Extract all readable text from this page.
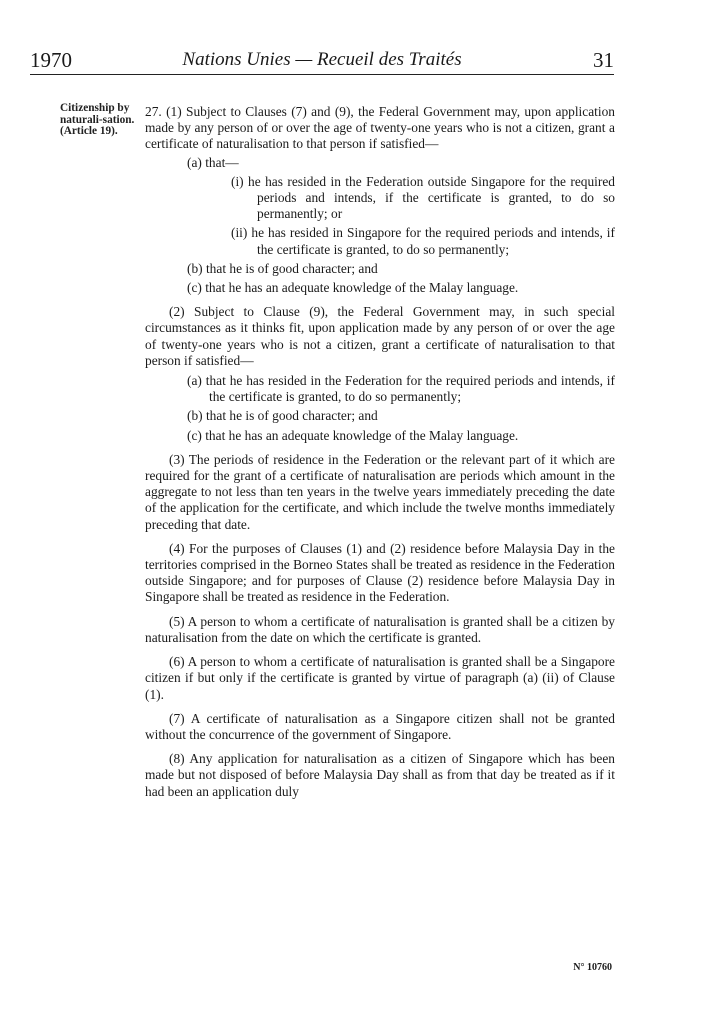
1970	Nations Unies — Recueil des Traités	31
Citizenship by naturali-sation. (Article 19).

27. (1) Subject to Clauses (7) and (9), the Federal Government may, upon application made by any person of or over the age of twenty-one years who is not a citizen, grant a certificate of naturalisation to that person if satisfied—

(a) that—

(i) he has resided in the Federation outside Singapore for the required periods and intends, if the certificate is granted, to do so permanently; or

(ii) he has resided in Singapore for the required periods and intends, if the certificate is granted, to do so permanently;

(b) that he is of good character; and

(c) that he has an adequate knowledge of the Malay language.

(2) Subject to Clause (9), the Federal Government may, in such special circumstances as it thinks fit, upon application made by any person of or over the age of twenty-one years who is not a citizen, grant a certificate of naturalisation to that person if satisfied—

(a) that he has resided in the Federation for the required periods and intends, if the certificate is granted, to do so permanently;

(b) that he is of good character; and

(c) that he has an adequate knowledge of the Malay language.

(3) The periods of residence in the Federation or the relevant part of it which are required for the grant of a certificate of naturalisation are periods which amount in the aggregate to not less than ten years in the twelve years immediately preceding the date of the application for the certificate, and which include the twelve months immediately preceding that date.

(4) For the purposes of Clauses (1) and (2) residence before Malaysia Day in the territories comprised in the Borneo States shall be treated as residence in the Federation outside Singapore; and for purposes of Clause (2) residence before Malaysia Day in Singapore shall be treated as residence in the Federation.

(5) A person to whom a certificate of naturalisation is granted shall be a citizen by naturalisation from the date on which the certificate is granted.

(6) A person to whom a certificate of naturalisation is granted shall be a Singapore citizen if but only if the certificate is granted by virtue of paragraph (a) (ii) of Clause (1).

(7) A certificate of naturalisation as a Singapore citizen shall not be granted without the concurrence of the government of Singapore.

(8) Any application for naturalisation as a citizen of Singapore which has been made but not disposed of before Malaysia Day shall as from that day be treated as if it had been an application duly

N° 10760
